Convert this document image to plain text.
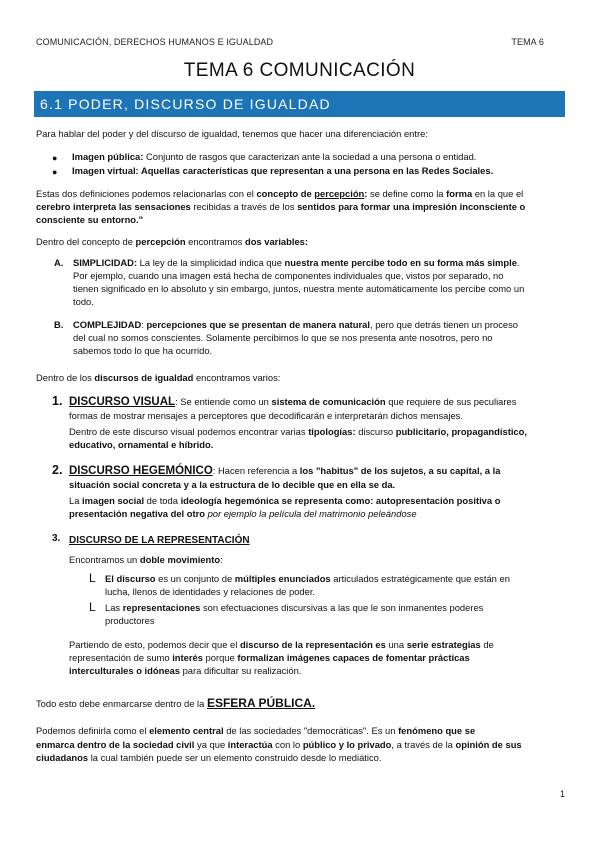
COMUNICACIÓN, DERECHOS HUMANOS E IGUALDAD	TEMA 6
TEMA 6 COMUNICACIÓN
6.1 PODER, DISCURSO DE IGUALDAD
Para hablar del poder y del discurso de igualdad, tenemos que hacer una diferenciación entre:
● Imagen pública: Conjunto de rasgos que caracterizan ante la sociedad a una persona o entidad.
● Imagen virtual: Aquellas características que representan a una persona en las Redes Sociales.
Estas dos definiciones podemos relacionarlas con el concepto de percepción: se define como la forma en la que el
cerebro interpreta las sensaciones recibidas a través de los sentidos para formar una impresión inconsciente o
consciente su entorno."
Dentro del concepto de percepción encontramos dos variables:
A. SIMPLICIDAD: La ley de la simplicidad indica que nuestra mente percibe todo en su forma más simple.
Por ejemplo, cuando una imagen está hecha de componentes individuales que, vistos por separado, no
tienen significado en lo absoluto y sin embargo, juntos, nuestra mente automáticamente los percibe como un
todo.
B. COMPLEJIDAD: percepciones que se presentan de manera natural, pero que detrás tienen un proceso
del cual no somos conscientes. Solamente percibimos lo que se nos presenta ante nosotros, pero no
sabemos todo lo que ha ocurrido.
Dentro de los discursos de igualdad encontramos varios:
1. DISCURSO VISUAL: Se entiende como un sistema de comunicación que requiere de sus peculiares
formas de mostrar mensajes a perceptores que decodificarán e interpretarán dichos mensajes.
Dentro de este discurso visual podemos encontrar varias tipologías: discurso publicitario, propagandístico,
educativo, ornamental e híbrido.
2. DISCURSO HEGEMÓNICO: Hacen referencia a los "habitus" de los sujetos, a su capital, a la
situación social concreta y a la estructura de lo decible que en ella se da.
La imagen social de toda ideología hegemónica se representa como: autopresentación positiva o
presentación negativa del otro por ejemplo la película del matrimonio peleándose
3. DISCURSO DE LA REPRESENTACIÓN
Encontramos un doble movimiento:
L El discurso es un conjunto de múltiples enunciados articulados estratégicamente que están en
lucha, llenos de identidades y relaciones de poder.
L Las representaciones son efectuaciones discursivas a las que le son inmanentes poderes
productores
Partiendo de esto, podemos decir que el discurso de la representación es una serie estrategias de
representación de sumo interés porque formalizan imágenes capaces de fomentar prácticas
interculturales o idóneas para dificultar su realización.
Todo esto debe enmarcarse dentro de la ESFERA PÚBLICA.
Podemos definirla como el elemento central de las sociedades "democráticas". Es un fenómeno que se
enmarca dentro de la sociedad civil ya que interactúa con lo público y lo privado, a través de la opinión de sus
ciudadanos la cual también puede ser un elemento construido desde lo mediático.
1
